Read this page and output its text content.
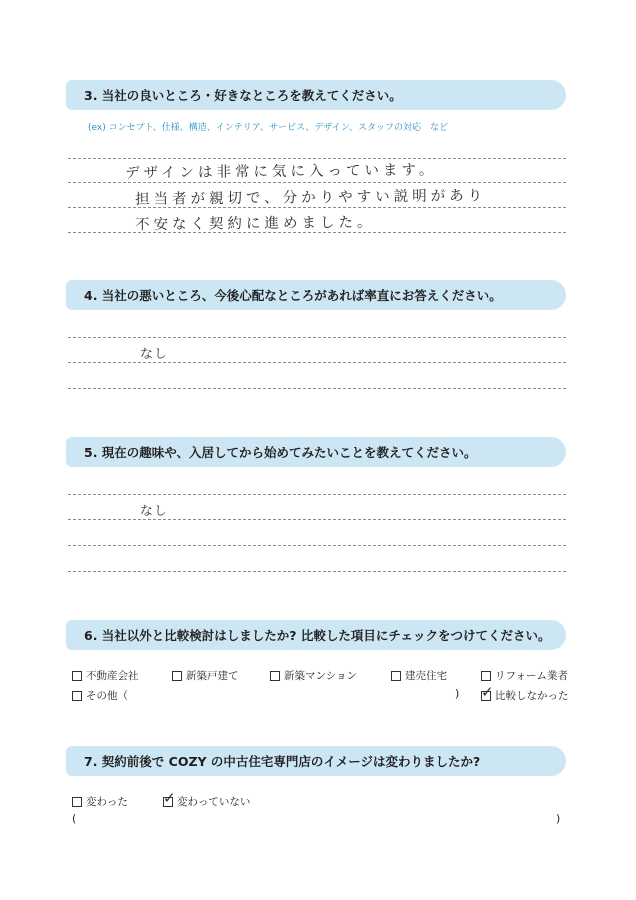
3. 当社の良いところ・好きなところを教えてください。
(ex) コンセプト、仕様、構造、インテリア、サービス、デザイン、スタッフの対応　など
デザインは非常に気に入っています。
担当者が親切で、分かりやすい説明があり
不安なく契約に進めました。
4. 当社の悪いところ、今後心配なところがあれば率直にお答えください。
なし
5. 現在の趣味や、入居してから始めてみたいことを教えてください。
なし
6. 当社以外と比較検討はしましたか? 比較した項目にチェックをつけてください。
不動産会社	新築戸建て	新築マンション	建売住宅	リフォーム業者
その他（	) ✓ 比較しなかった
7. 契約前後で COZY の中古住宅専門店のイメージは変わりましたか?
変わった ✓ 変わっていない
(	)
